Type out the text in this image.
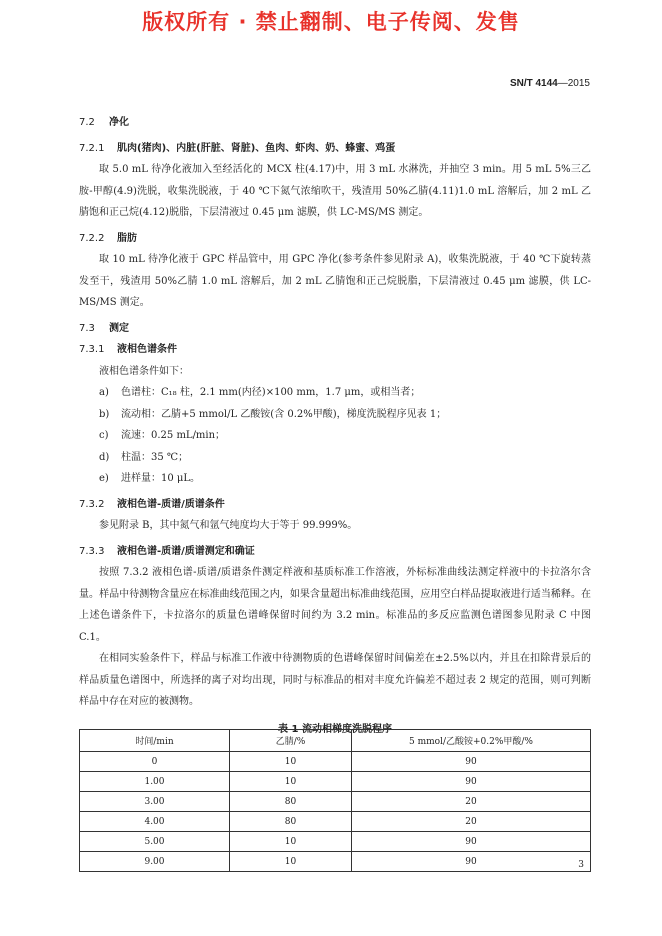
版权所有 · 禁止翻制、电子传阅、发售
SN/T 4144—2015
7.2 净化
7.2.1 肌肉(猪肉)、内脏(肝脏、肾脏)、鱼肉、虾肉、奶、蜂蜜、鸡蛋
取 5.0 mL 待净化液加入至经活化的 MCX 柱(4.17)中，用 3 mL 水淋洗，并抽空 3 min。用 5 mL 5%三乙胺-甲醇(4.9)洗脱，收集洗脱液，于 40 ℃下氮气浓缩吹干，残渣用 50%乙腈(4.11)1.0 mL 溶解后，加 2 mL 乙腈饱和正己烷(4.12)脱脂，下层清液过 0.45 μm 滤膜，供 LC-MS/MS 测定。
7.2.2 脂肪
取 10 mL 待净化液于 GPC 样品管中，用 GPC 净化(参考条件参见附录 A)，收集洗脱液，于 40 ℃下旋转蒸发至干，残渣用 50%乙腈 1.0 mL 溶解后，加 2 mL 乙腈饱和正己烷脱脂，下层清液过 0.45 μm 滤膜，供 LC-MS/MS 测定。
7.3 测定
7.3.1 液相色谱条件
液相色谱条件如下：
a) 色谱柱：C₁₈ 柱，2.1 mm(内径)×100 mm，1.7 μm，或相当者；
b) 流动相：乙腈+5 mmol/L 乙酸铵(含 0.2%甲酸)，梯度洗脱程序见表 1；
c) 流速：0.25 mL/min；
d) 柱温：35 ℃；
e) 进样量：10 μL。
7.3.2 液相色谱-质谱/质谱条件
参见附录 B，其中氮气和氩气纯度均大于等于 99.999%。
7.3.3 液相色谱-质谱/质谱测定和确证
按照 7.3.2 液相色谱-质谱/质谱条件测定样液和基质标准工作溶液，外标标准曲线法测定样液中的卡拉洛尔含量。样品中待测物含量应在标准曲线范围之内，如果含量超出标准曲线范围，应用空白样品提取液进行适当稀释。在上述色谱条件下，卡拉洛尔的质量色谱峰保留时间约为 3.2 min。标准品的多反应监测色谱图参见附录 C 中图 C.1。
在相同实验条件下，样品与标准工作液中待测物质的色谱峰保留时间偏差在±2.5%以内，并且在扣除背景后的样品质量色谱图中，所选择的离子对均出现，同时与标准品的相对丰度允许偏差不超过表 2 规定的范围，则可判断样品中存在对应的被测物。
表 1 流动相梯度洗脱程序
时间/min	乙腈/%	5 mmol/乙酸铵+0.2%甲酸/%
0	10	90
1.00	10	90
3.00	80	20
4.00	80	20
5.00	10	90
9.00	10	90	3
